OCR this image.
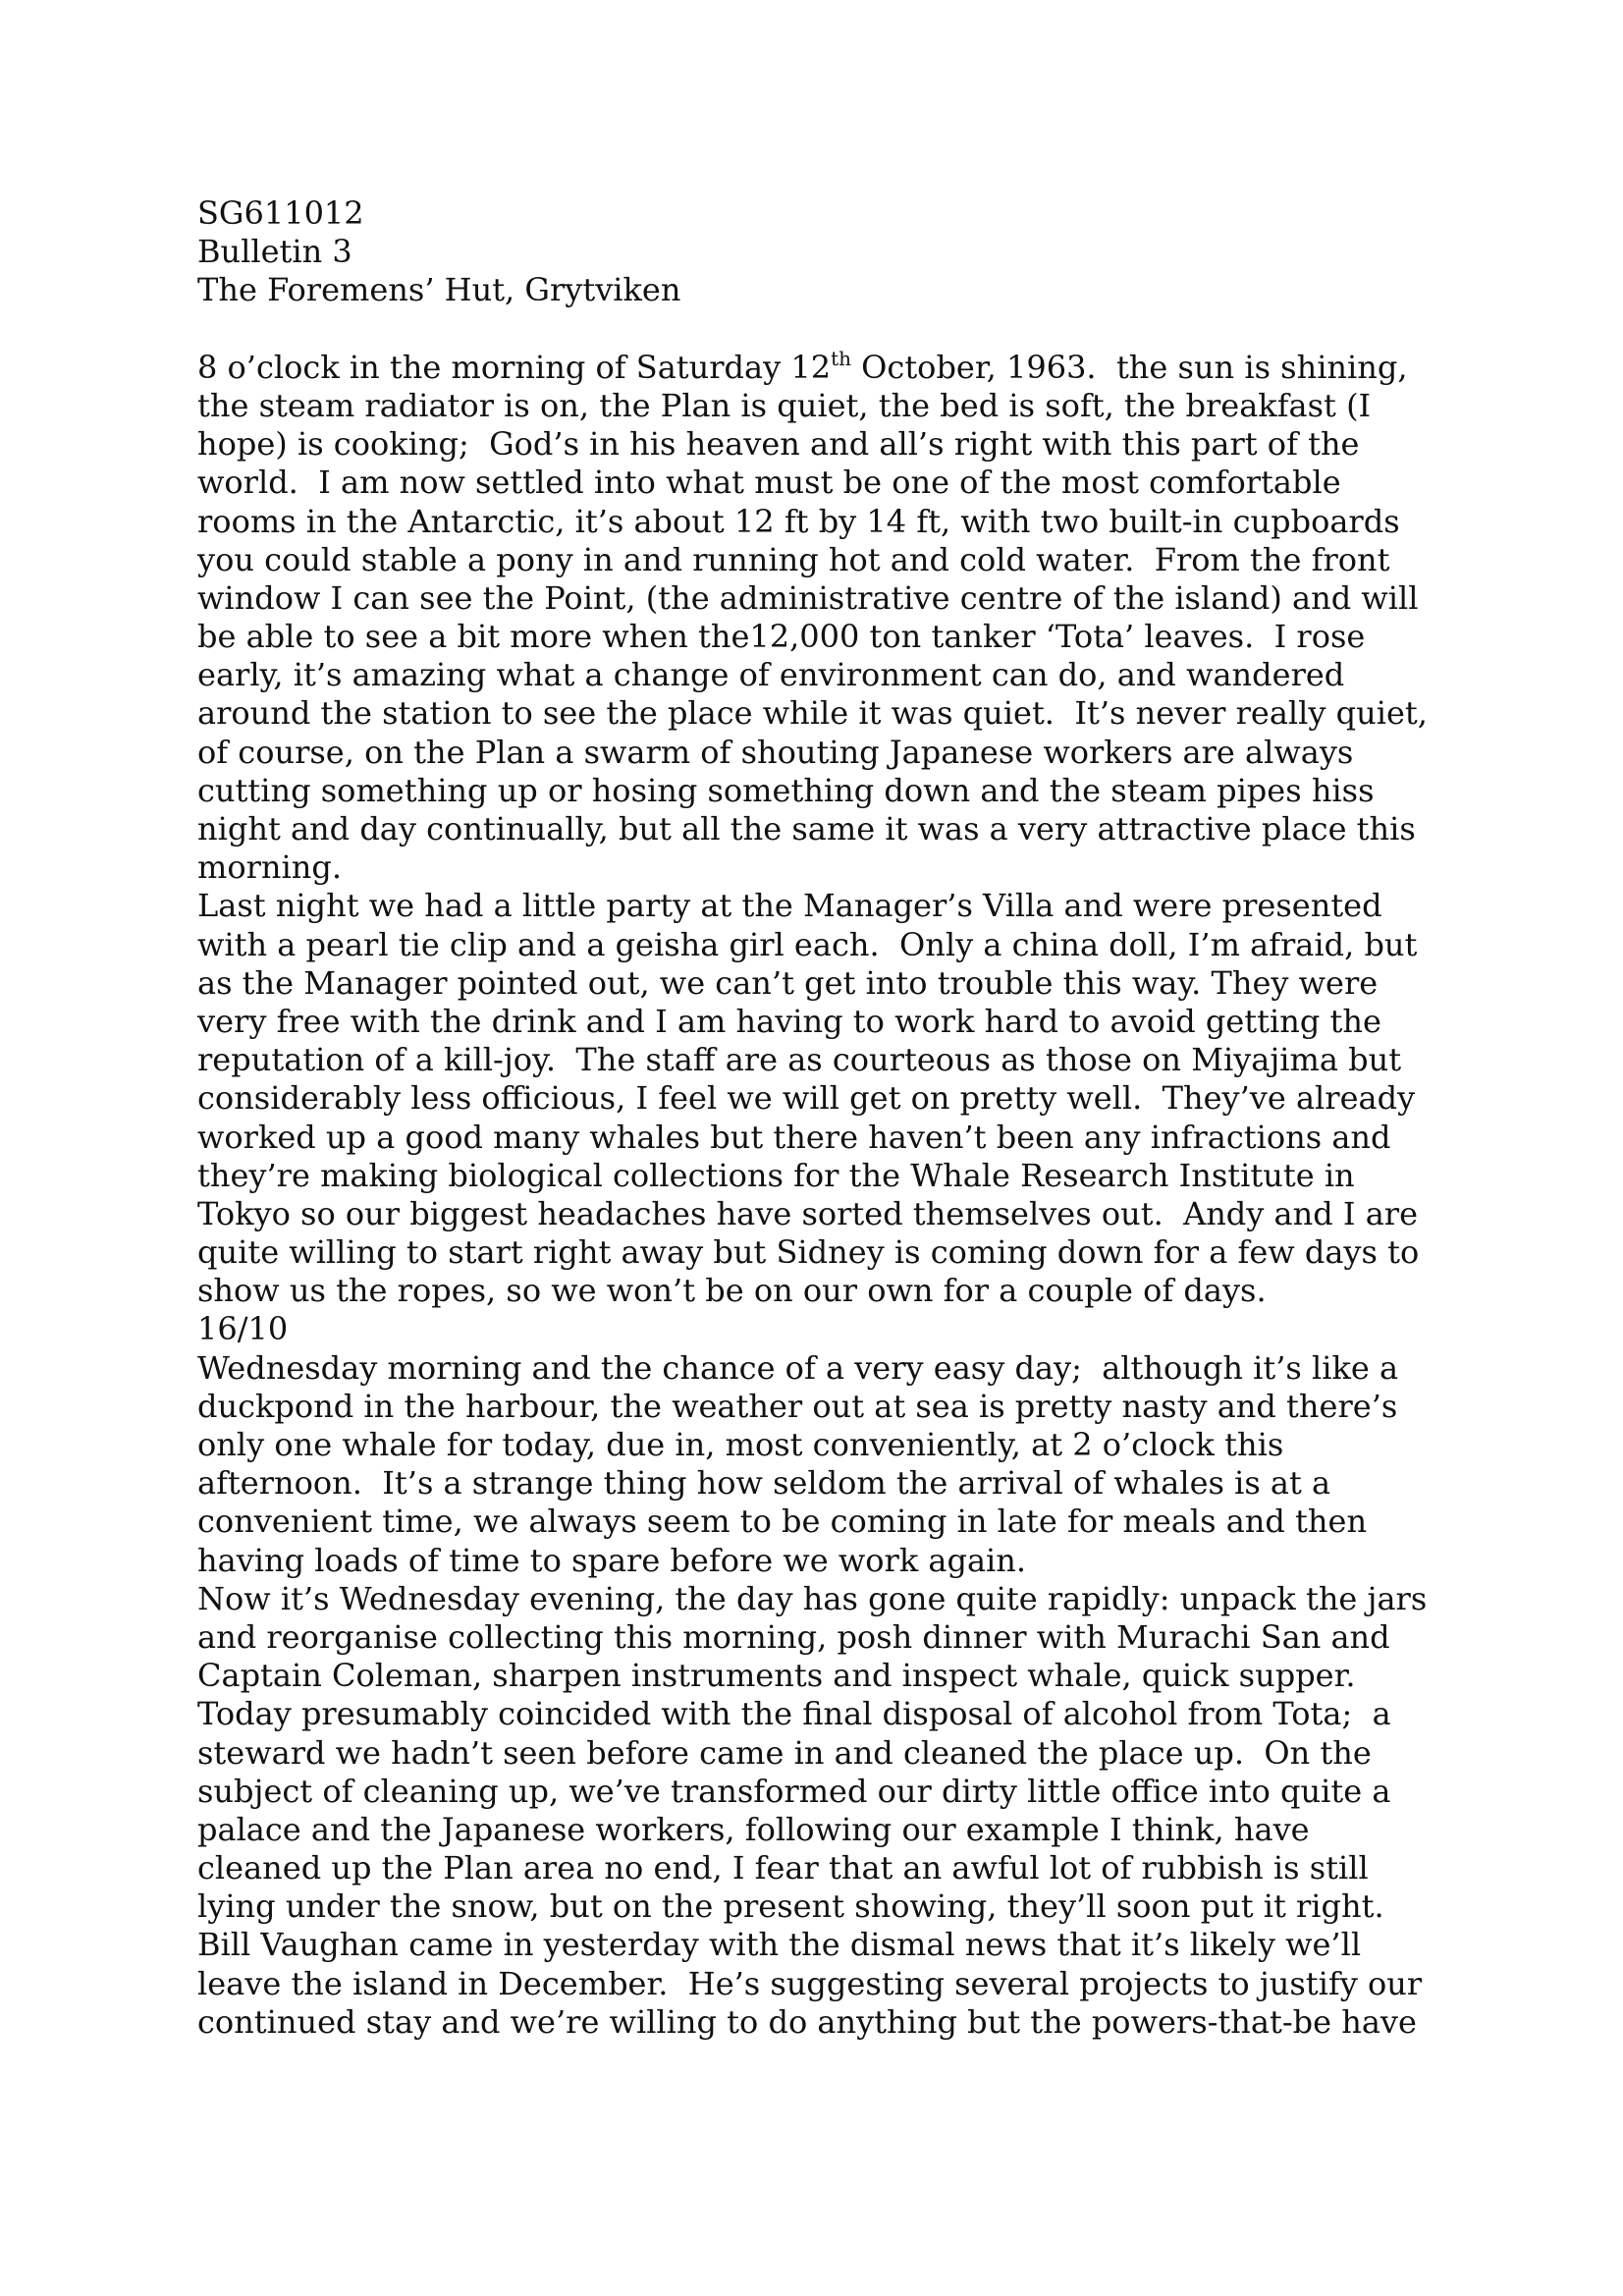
SG611012
Bulletin 3
The Foremens’ Hut, Grytviken
8 o’clock in the morning of Saturday 12th October, 1963.  the sun is shining,
the steam radiator is on, the Plan is quiet, the bed is soft, the breakfast (I
hope) is cooking;  God’s in his heaven and all’s right with this part of the
world.  I am now settled into what must be one of the most comfortable
rooms in the Antarctic, it’s about 12 ft by 14 ft, with two built-in cupboards
you could stable a pony in and running hot and cold water.  From the front
window I can see the Point, (the administrative centre of the island) and will
be able to see a bit more when the12,000 ton tanker ‘Tota’ leaves.  I rose
early, it’s amazing what a change of environment can do, and wandered
around the station to see the place while it was quiet.  It’s never really quiet,
of course, on the Plan a swarm of shouting Japanese workers are always
cutting something up or hosing something down and the steam pipes hiss
night and day continually, but all the same it was a very attractive place this
morning.
Last night we had a little party at the Manager’s Villa and were presented
with a pearl tie clip and a geisha girl each.  Only a china doll, I’m afraid, but
as the Manager pointed out, we can’t get into trouble this way. They were
very free with the drink and I am having to work hard to avoid getting the
reputation of a kill-joy.  The staff are as courteous as those on Miyajima but
considerably less officious, I feel we will get on pretty well.  They’ve already
worked up a good many whales but there haven’t been any infractions and
they’re making biological collections for the Whale Research Institute in
Tokyo so our biggest headaches have sorted themselves out.  Andy and I are
quite willing to start right away but Sidney is coming down for a few days to
show us the ropes, so we won’t be on our own for a couple of days.
16/10
Wednesday morning and the chance of a very easy day;  although it’s like a
duckpond in the harbour, the weather out at sea is pretty nasty and there’s
only one whale for today, due in, most conveniently, at 2 o’clock this
afternoon.  It’s a strange thing how seldom the arrival of whales is at a
convenient time, we always seem to be coming in late for meals and then
having loads of time to spare before we work again.
Now it’s Wednesday evening, the day has gone quite rapidly: unpack the jars
and reorganise collecting this morning, posh dinner with Murachi San and
Captain Coleman, sharpen instruments and inspect whale, quick supper.
Today presumably coincided with the final disposal of alcohol from Tota;  a
steward we hadn’t seen before came in and cleaned the place up.  On the
subject of cleaning up, we’ve transformed our dirty little office into quite a
palace and the Japanese workers, following our example I think, have
cleaned up the Plan area no end, I fear that an awful lot of rubbish is still
lying under the snow, but on the present showing, they’ll soon put it right.
Bill Vaughan came in yesterday with the dismal news that it’s likely we’ll
leave the island in December.  He’s suggesting several projects to justify our
continued stay and we’re willing to do anything but the powers-that-be have
